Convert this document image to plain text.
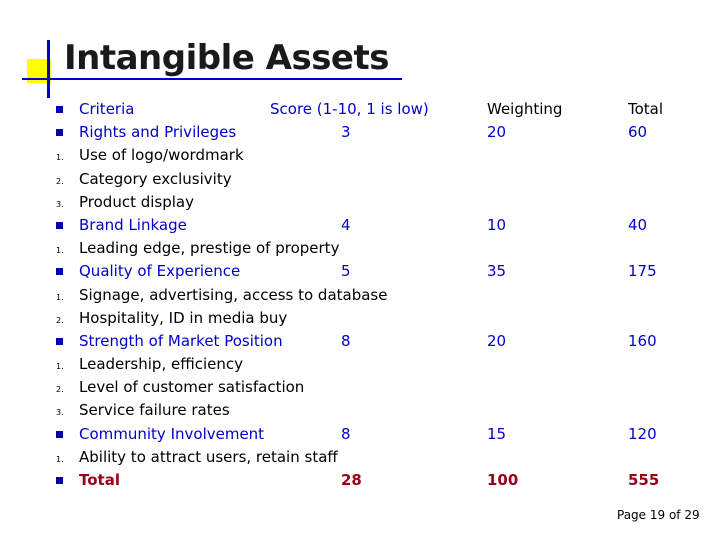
Intangible Assets
Criteria	Score (1-10, 1 is low)	Weighting	Total
Rights and Privileges	3	20	60
1. Use of logo/wordmark
2. Category exclusivity
3. Product display
Brand Linkage	4	10	40
1. Leading edge, prestige of property
Quality of Experience	5	35	175
1. Signage, advertising, access to database
2. Hospitality, ID in media buy
Strength of Market Position	8	20	160
1. Leadership, efficiency
2. Level of customer satisfaction
3. Service failure rates
Community Involvement	8	15	120
1. Ability to attract users, retain staff
Total	28	100	555
Page 19 of 29
